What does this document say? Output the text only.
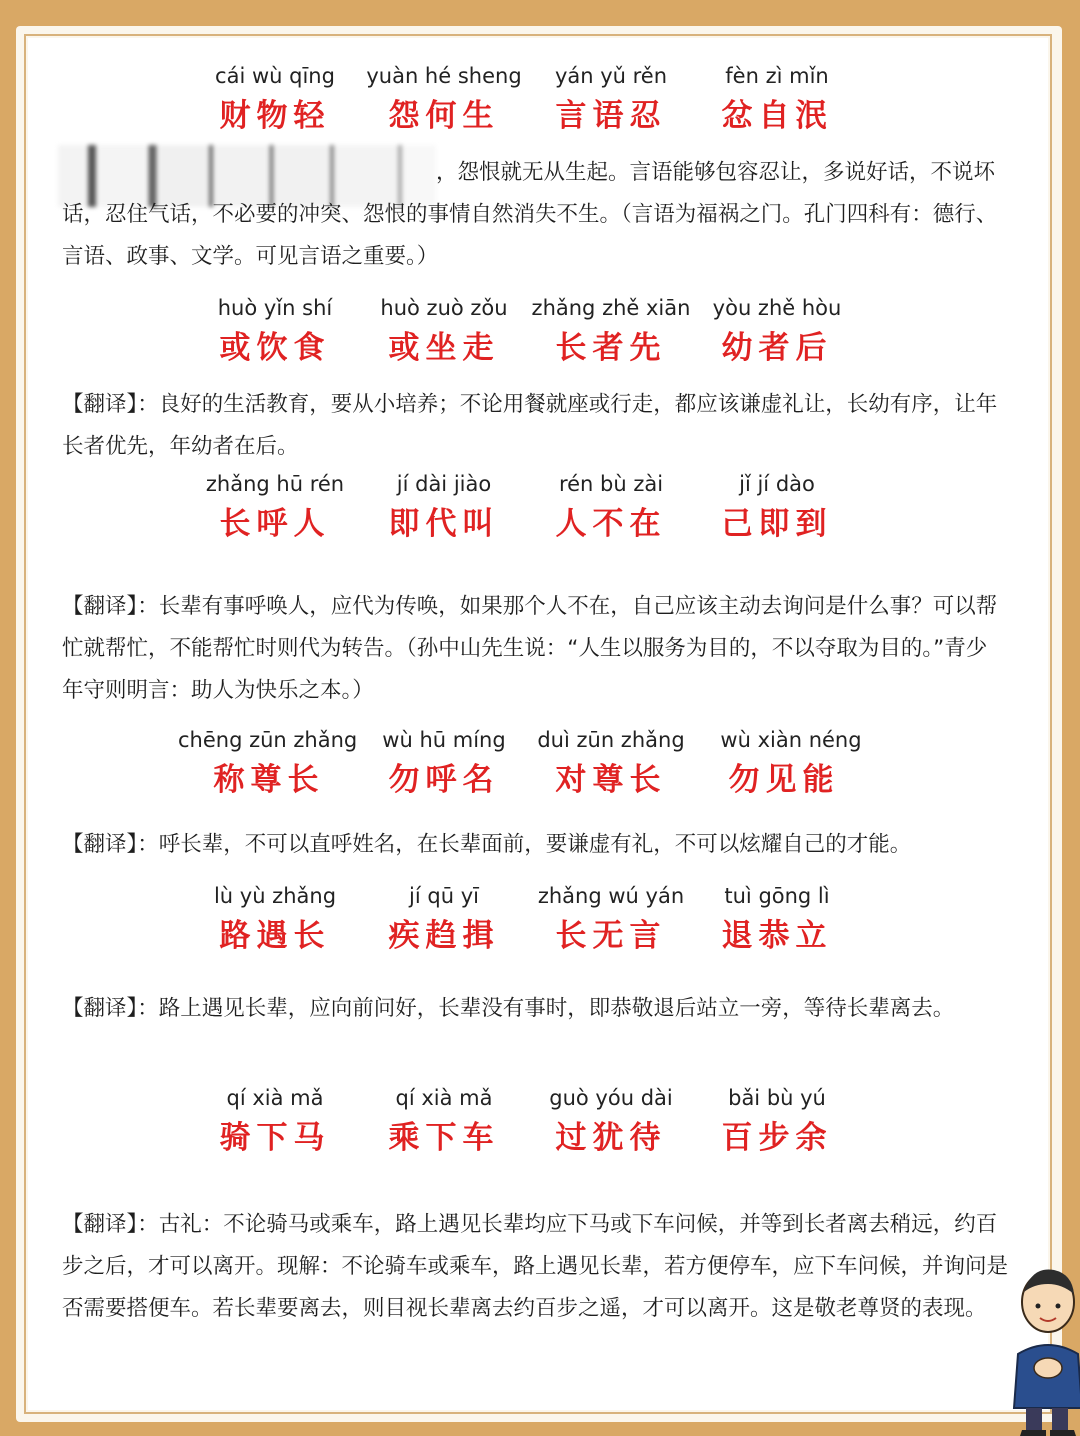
cái wù qīng
财物轻
yuàn hé sheng
怨何生
yán yǔ rěn
言语忍
fèn zì mǐn
忿自泯
，怨恨就无从生起。言语能够包容忍让，多说好话，不说坏话，忍住气话，不必要的冲突、怨恨的事情自然消失不生。（言语为福祸之门。孔门四科有：德行、言语、政事、文学。可见言语之重要。）
huò yǐn shí
或饮食
huò zuò zǒu
或坐走
zhǎng zhě xiān
长者先
yòu zhě hòu
幼者后
【翻译】：良好的生活教育，要从小培养；不论用餐就座或行走，都应该谦虚礼让，长幼有序，让年长者优先，年幼者在后。
zhǎng hū rén
长呼人
jí dài jiào
即代叫
rén bù zài
人不在
jǐ jí dào
己即到
【翻译】：长辈有事呼唤人，应代为传唤，如果那个人不在，自己应该主动去询问是什么事？可以帮忙就帮忙，不能帮忙时则代为转告。（孙中山先生说：“人生以服务为目的，不以夺取为目的。”青少年守则明言：助人为快乐之本。）
chēng zūn zhǎng
称尊长
wù hū míng
勿呼名
duì zūn zhǎng
对尊长
wù xiàn néng
勿见能
【翻译】：呼长辈，不可以直呼姓名，在长辈面前，要谦虚有礼，不可以炫耀自己的才能。
lù yù zhǎng
路遇长
jí qū yī
疾趋揖
zhǎng wú yán
长无言
tuì gōng lì
退恭立
【翻译】：路上遇见长辈，应向前问好，长辈没有事时，即恭敬退后站立一旁，等待长辈离去。
qí xià mǎ
骑下马
qí xià mǎ
乘下车
guò yóu dài
过犹待
bǎi bù yú
百步余
【翻译】：古礼：不论骑马或乘车，路上遇见长辈均应下马或下车问候，并等到长者离去稍远，约百步之后，才可以离开。现解：不论骑车或乘车，路上遇见长辈，若方便停车，应下车问候，并询问是否需要搭便车。若长辈要离去，则目视长辈离去约百步之遥，才可以离开。这是敬老尊贤的表现。
